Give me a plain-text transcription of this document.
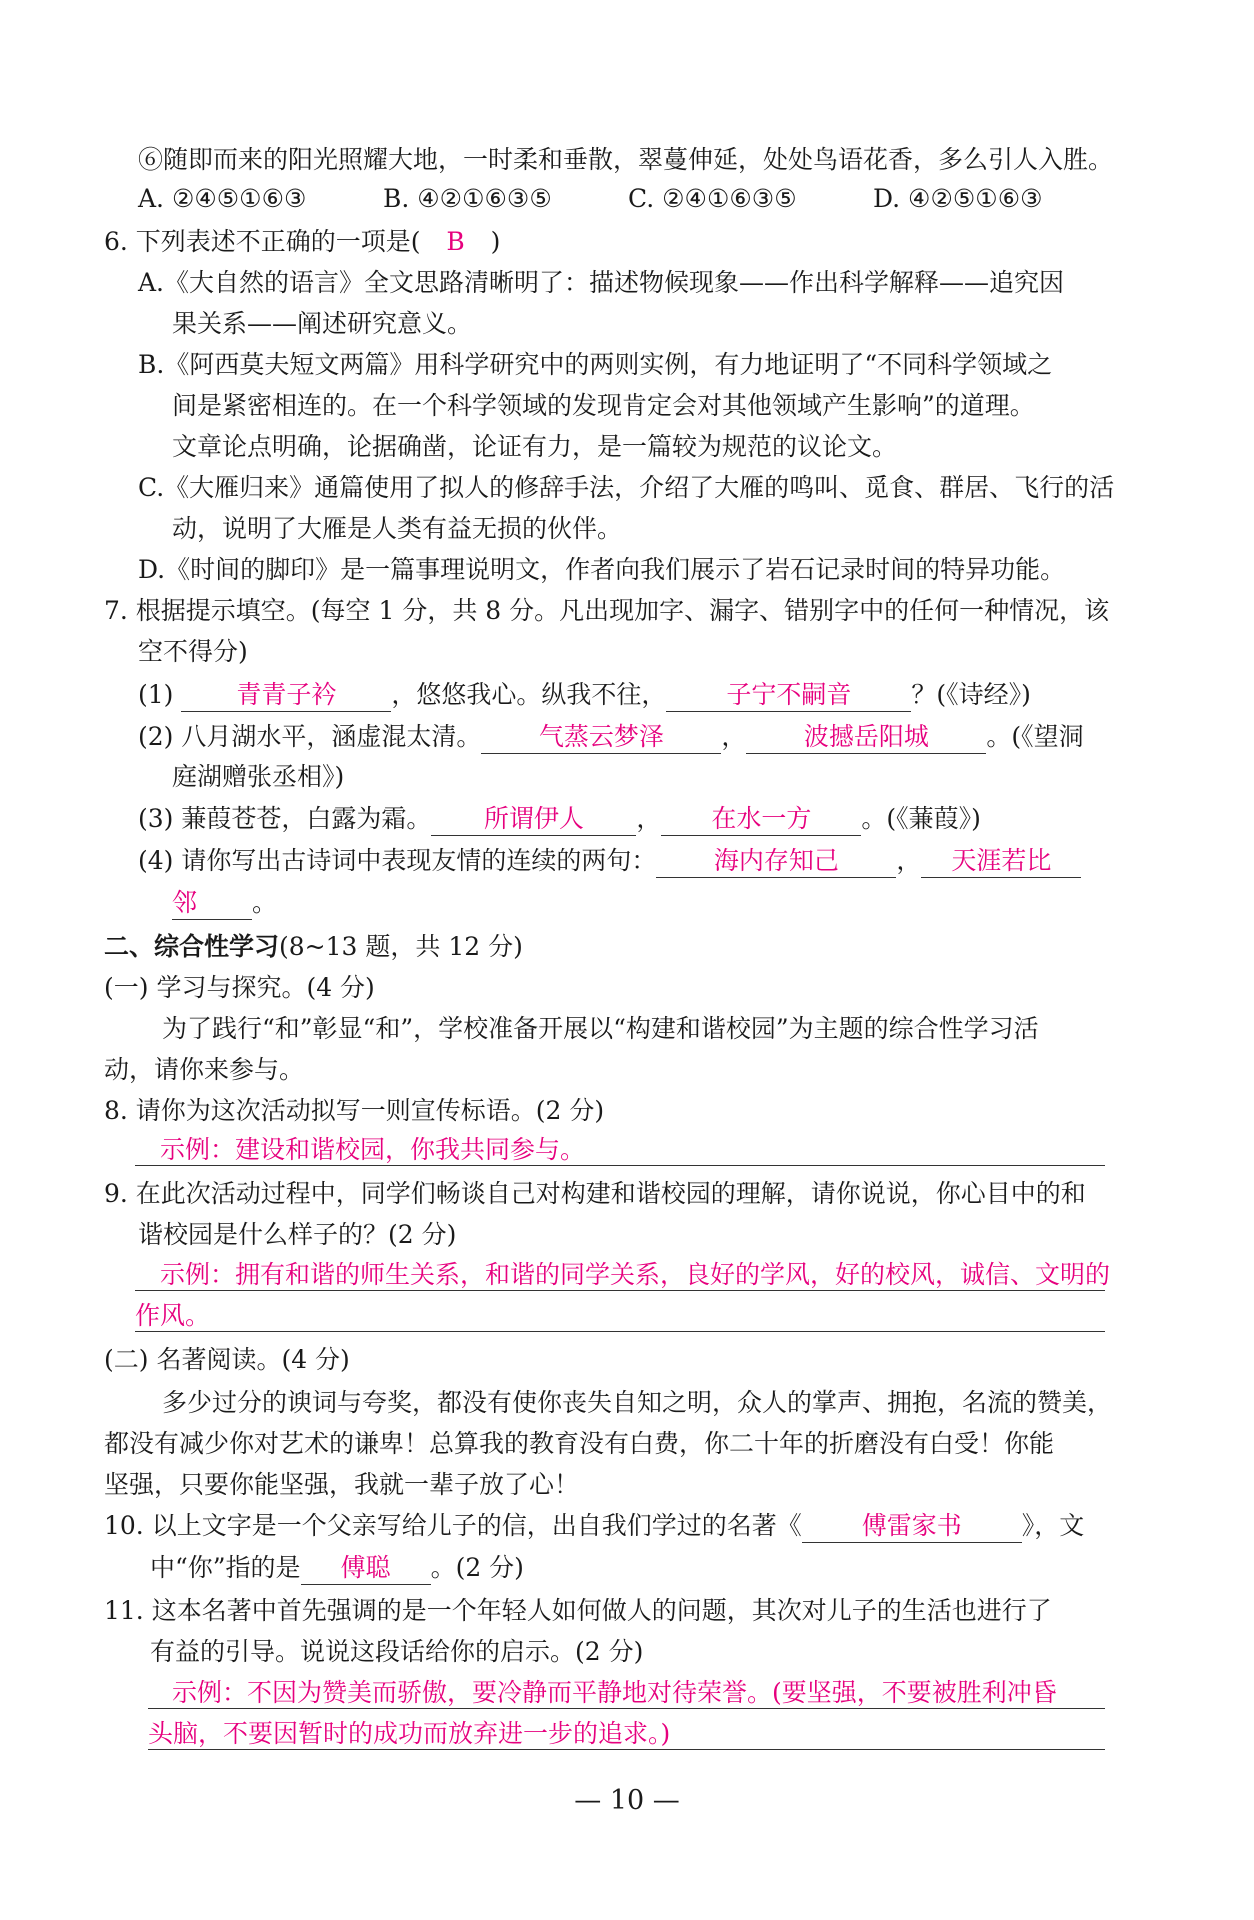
⑥随即而来的阳光照耀大地，一时柔和垂散，翠蔓伸延，处处鸟语花香，多么引人入胜。
A. ②④⑤①⑥③	B. ④②①⑥③⑤	C. ②④①⑥③⑤	D. ④②⑤①⑥③
6. 下列表述不正确的一项是( B )
A.《大自然的语言》全文思路清晰明了：描述物候现象——作出科学解释——追究因
果关系——阐述研究意义。
B.《阿西莫夫短文两篇》用科学研究中的两则实例，有力地证明了“不同科学领域之
间是紧密相连的。在一个科学领域的发现肯定会对其他领域产生影响”的道理。
文章论点明确，论据确凿，论证有力，是一篇较为规范的议论文。
C.《大雁归来》通篇使用了拟人的修辞手法，介绍了大雁的鸣叫、觅食、群居、飞行的活
动，说明了大雁是人类有益无损的伙伴。
D.《时间的脚印》是一篇事理说明文，作者向我们展示了岩石记录时间的特异功能。
7. 根据提示填空。(每空 1 分，共 8 分。凡出现加字、漏字、错别字中的任何一种情况，该
空不得分)
(1)	青青子衿 ，悠悠我心。纵我不往， 子宁不嗣音 ？(《诗经》)
(2) 八月湖水平，涵虚混太清。 气蒸云梦泽 ， 波撼岳阳城 。(《望洞
庭湖赠张丞相》)
(3) 蒹葭苍苍，白露为霜。 所谓伊人 ， 在水一方 。(《蒹葭》)
(4) 请你写出古诗词中表现友情的连续的两句： 海内存知己 ， 天涯若比
邻 。
二、综合性学习(8~13 题，共 12 分)
(一) 学习与探究。(4 分)
为了践行“和”彰显“和”，学校准备开展以“构建和谐校园”为主题的综合性学习活
动，请你来参与。
8. 请你为这次活动拟写一则宣传标语。(2 分)
示例：建设和谐校园，你我共同参与。
9. 在此次活动过程中，同学们畅谈自己对构建和谐校园的理解，请你说说，你心目中的和
谐校园是什么样子的？(2 分)
示例：拥有和谐的师生关系，和谐的同学关系，良好的学风，好的校风，诚信、文明的
作风。
(二) 名著阅读。(4 分)
多少过分的谀词与夸奖，都没有使你丧失自知之明，众人的掌声、拥抱，名流的赞美，
都没有减少你对艺术的谦卑！总算我的教育没有白费，你二十年的折磨没有白受！你能
坚强，只要你能坚强，我就一辈子放了心！
10. 以上文字是一个父亲写给儿子的信，出自我们学过的名著《 傅雷家书 》，文
中“你”指的是 傅聪 。(2 分)
11. 这本名著中首先强调的是一个年轻人如何做人的问题，其次对儿子的生活也进行了
有益的引导。说说这段话给你的启示。(2 分)
示例：不因为赞美而骄傲，要冷静而平静地对待荣誉。(要坚强，不要被胜利冲昏
头脑，不要因暂时的成功而放弃进一步的追求。)
— 10 —
